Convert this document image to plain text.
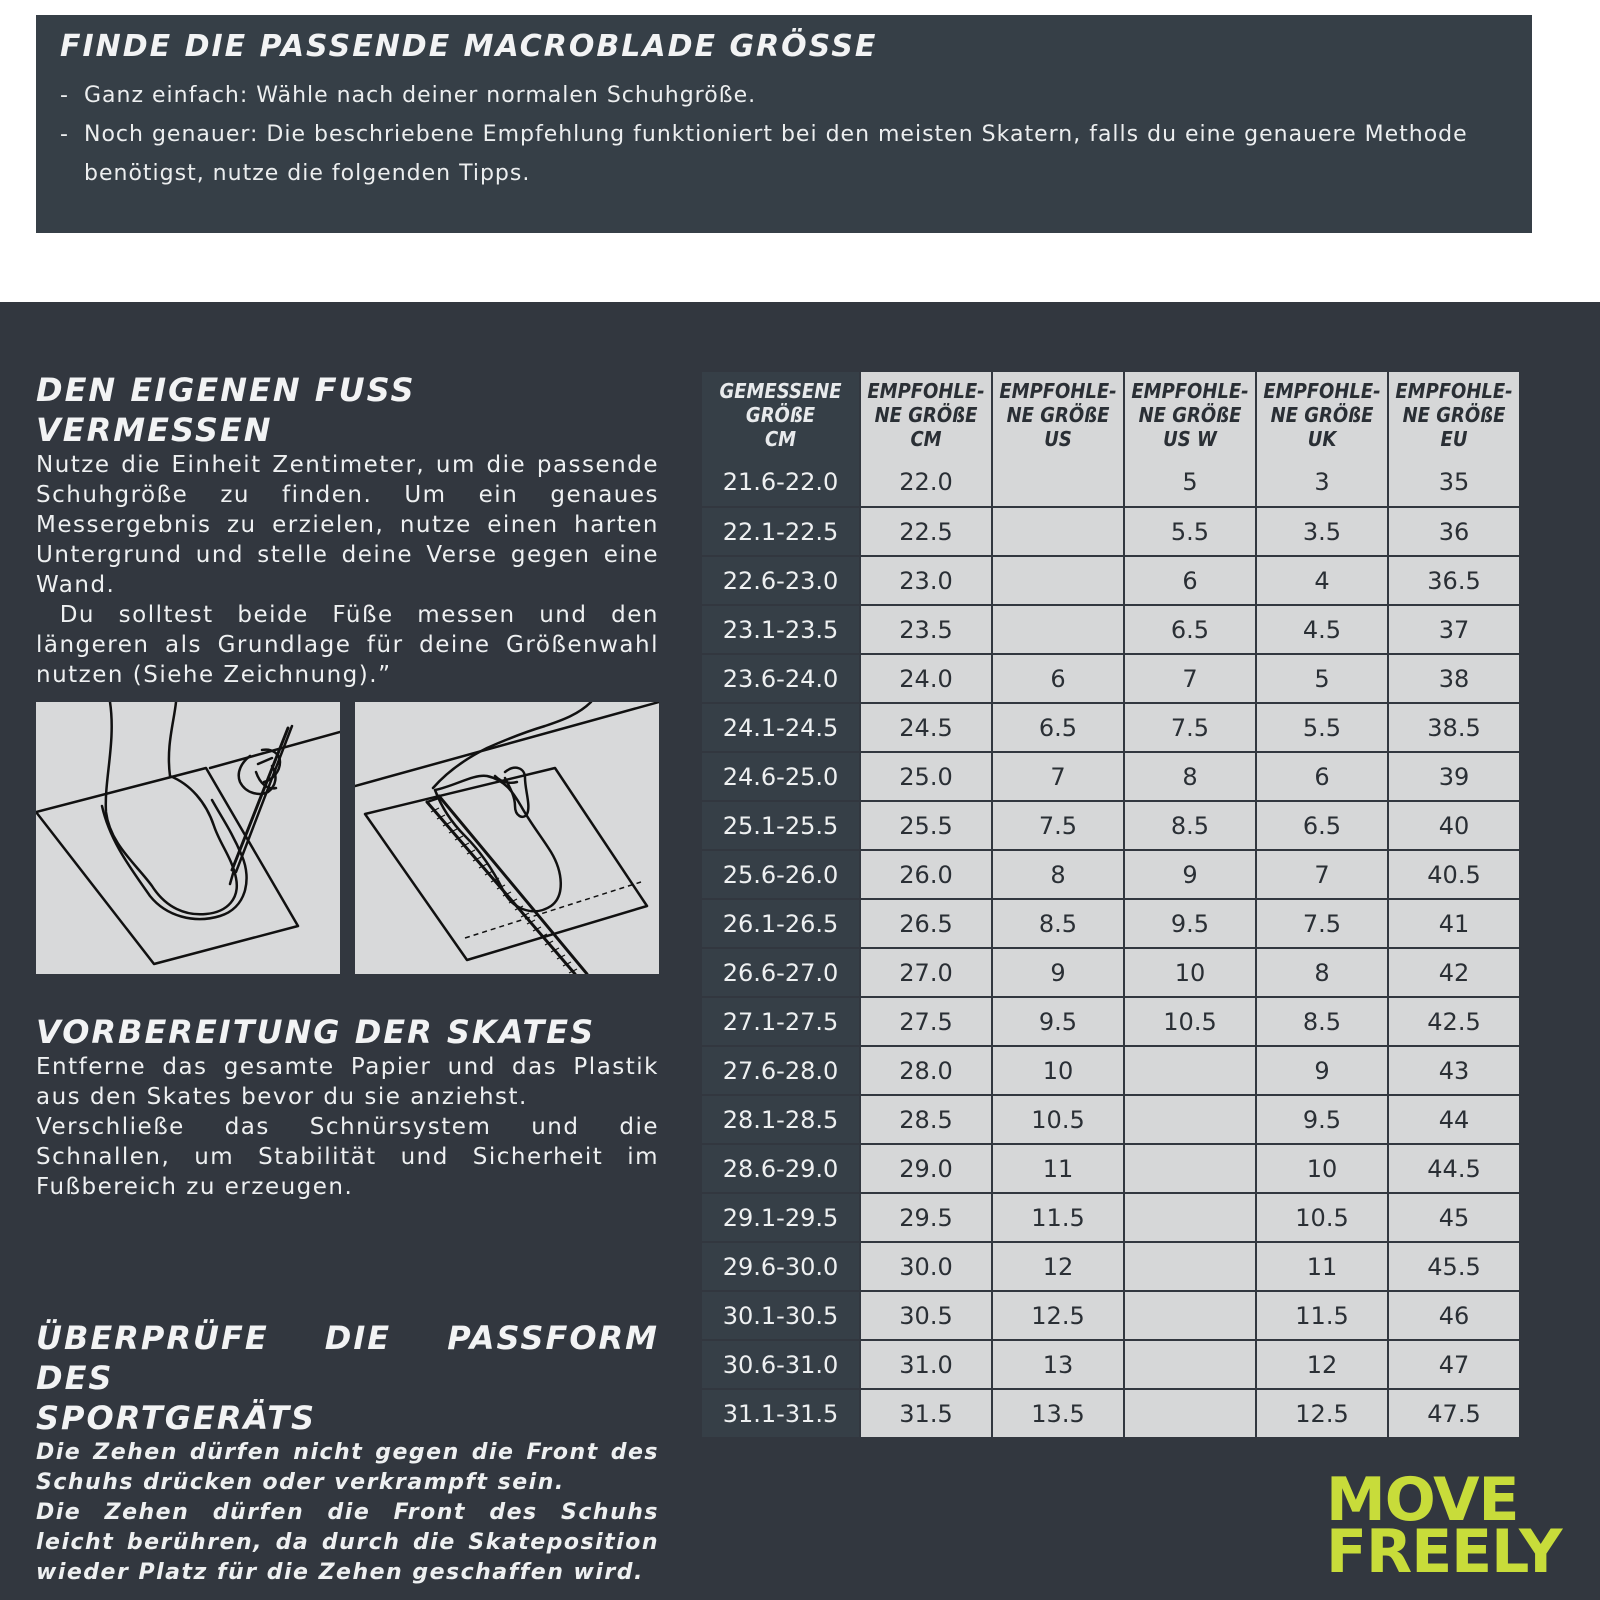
FINDE DIE PASSENDE MACROBLADE GRÖSSE
- Ganz einfach: Wähle nach deiner normalen Schuhgröße.
- Noch genauer: Die beschriebene Empfehlung funktioniert bei den meisten Skatern, falls du eine genauere Methode benötigst, nutze die folgenden Tipps.
DEN EIGENEN FUSS VERMESSEN

Nutze die Einheit Zentimeter, um die passende Schuhgröße zu finden. Um ein genaues Messergebnis zu erzielen, nutze einen harten Untergrund und stelle deine Verse gegen eine Wand.
Du solltest beide Füße messen und den längeren als Grundlage für deine Größenwahl nutzen (Siehe Zeichnung).”

VORBEREITUNG DER SKATES

Entferne das gesamte Papier und das Plastik aus den Skates bevor du sie anziehst.
Verschließe das Schnürsystem und die Schnallen, um Stabilität und Sicherheit im Fußbereich zu erzeugen.

ÜBERPRÜFE DIE PASSFORM DES
SPORTGERÄTS

Die Zehen dürfen nicht gegen die Front des Schuhs drücken oder verkrampft sein.
Die Zehen dürfen die Front des Schuhs leicht berühren, da durch die Skateposition wieder Platz für die Zehen geschaffen wird.

GEMESSENE
GRÖßE
CM	EMPFOHLE-
NE GRÖßE
CM	EMPFOHLE-
NE GRÖßE
US	EMPFOHLE-
NE GRÖßE
US W	EMPFOHLE-
NE GRÖßE
UK	EMPFOHLE-
NE GRÖßE
EU

21.6-22.0	22.0		5	3	35
22.1-22.5	22.5		5.5	3.5	36
22.6-23.0	23.0		6	4	36.5
23.1-23.5	23.5		6.5	4.5	37
23.6-24.0	24.0	6	7	5	38
24.1-24.5	24.5	6.5	7.5	5.5	38.5
24.6-25.0	25.0	7	8	6	39
25.1-25.5	25.5	7.5	8.5	6.5	40
25.6-26.0	26.0	8	9	7	40.5
26.1-26.5	26.5	8.5	9.5	7.5	41
26.6-27.0	27.0	9	10	8	42
27.1-27.5	27.5	9.5	10.5	8.5	42.5
27.6-28.0	28.0	10		9	43
28.1-28.5	28.5	10.5		9.5	44
28.6-29.0	29.0	11		10	44.5
29.1-29.5	29.5	11.5		10.5	45
29.6-30.0	30.0	12		11	45.5
30.1-30.5	30.5	12.5		11.5	46
30.6-31.0	31.0	13		12	47
31.1-31.5	31.5	13.5		12.5	47.5
MOVE
FREELY
